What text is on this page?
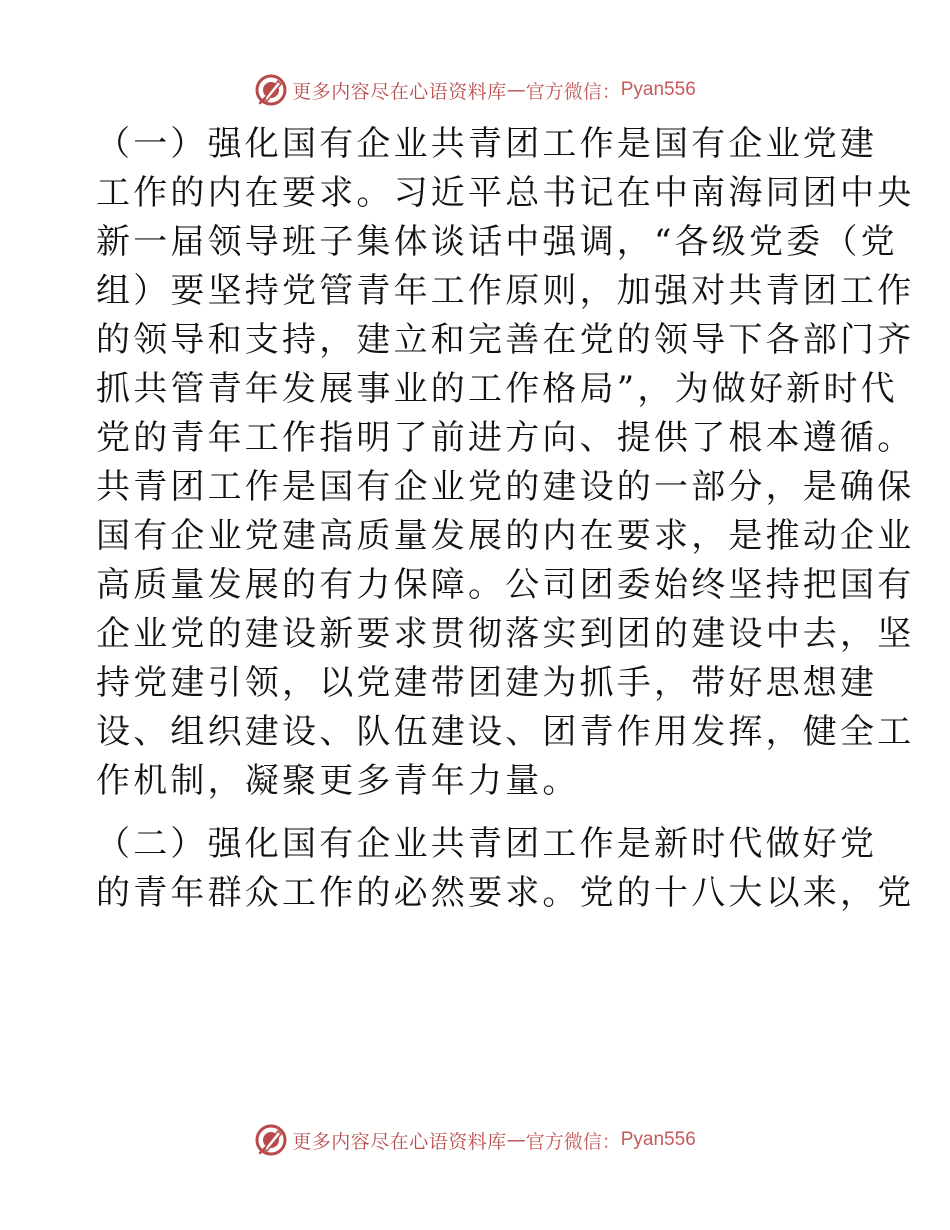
更多内容尽在心语资料库 — 官方微信： Pyan556
（一）强化国有企业共青团工作是国有企业党建
工作的内在要求。习近平总书记在中南海同团中央
新一届领导班子集体谈话中强调，“各级党委（党
组）要坚持党管青年工作原则，加强对共青团工作
的领导和支持，建立和完善在党的领导下各部门齐
抓共管青年发展事业的工作格局”，为做好新时代
党的青年工作指明了前进方向、提供了根本遵循。
共青团工作是国有企业党的建设的一部分，是确保
国有企业党建高质量发展的内在要求，是推动企业
高质量发展的有力保障。公司团委始终坚持把国有
企业党的建设新要求贯彻落实到团的建设中去，坚
持党建引领，以党建带团建为抓手，带好思想建
设、组织建设、队伍建设、团青作用发挥，健全工
作机制，凝聚更多青年力量。
（二）强化国有企业共青团工作是新时代做好党
的青年群众工作的必然要求。党的十八大以来，党
更多内容尽在心语资料库 — 官方微信： Pyan556
